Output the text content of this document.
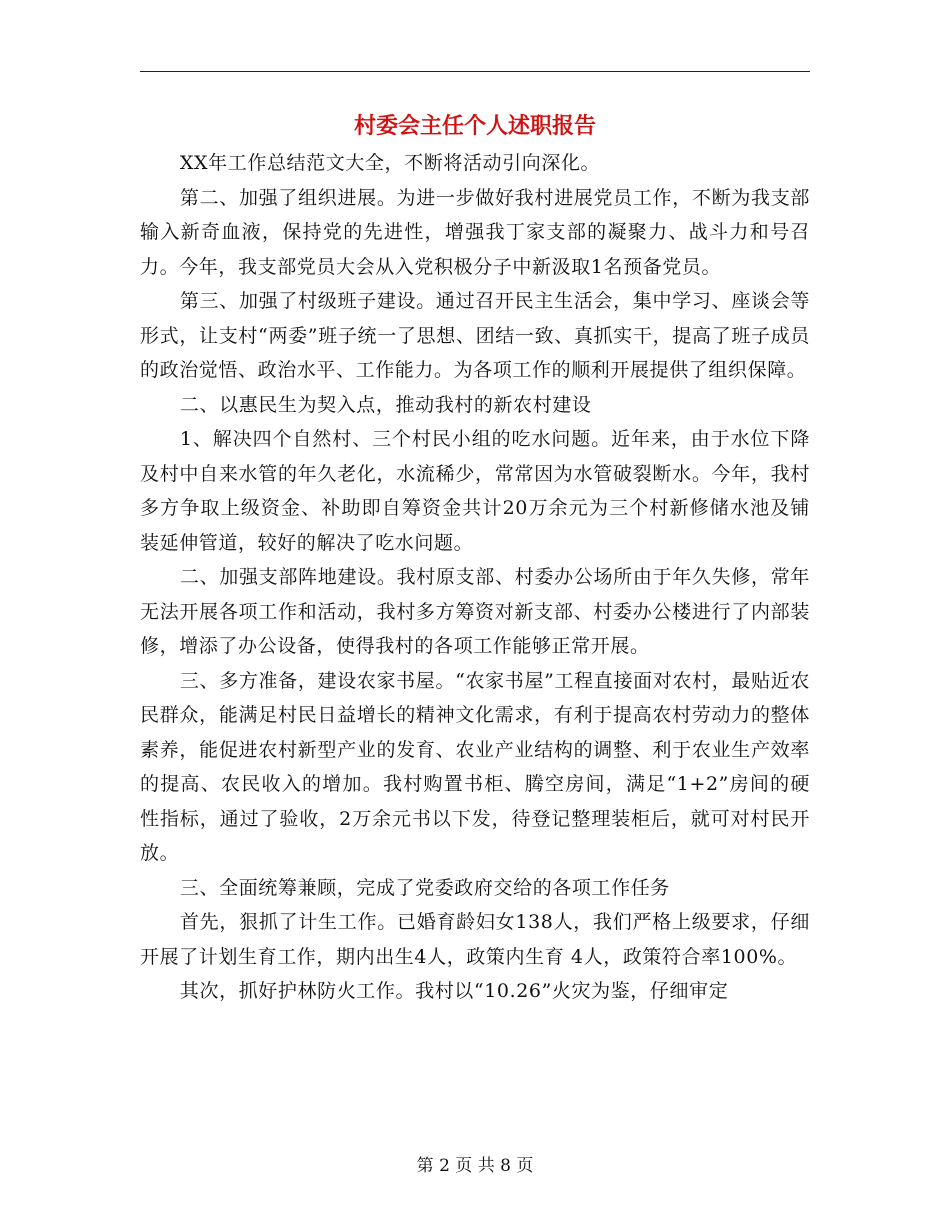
村委会主任个人述职报告

XX年工作总结范文大全，不断将活动引向深化。

第二、加强了组织进展。为进一步做好我村进展党员工作，不断为我支部输入新奇血液，保持党的先进性，增强我丁家支部的凝聚力、战斗力和号召力。今年，我支部党员大会从入党积极分子中新汲取1名预备党员。

第三、加强了村级班子建设。通过召开民主生活会，集中学习、座谈会等形式，让支村“两委”班子统一了思想、团结一致、真抓实干，提高了班子成员的政治觉悟、政治水平、工作能力。为各项工作的顺利开展提供了组织保障。

二、以惠民生为契入点，推动我村的新农村建设

1、解决四个自然村、三个村民小组的吃水问题。近年来，由于水位下降及村中自来水管的年久老化，水流稀少，常常因为水管破裂断水。今年，我村多方争取上级资金、补助即自筹资金共计20万余元为三个村新修储水池及铺装延伸管道，较好的解决了吃水问题。

二、加强支部阵地建设。我村原支部、村委办公场所由于年久失修，常年无法开展各项工作和活动，我村多方筹资对新支部、村委办公楼进行了内部装修，增添了办公设备，使得我村的各项工作能够正常开展。

三、多方准备，建设农家书屋。“农家书屋”工程直接面对农村，最贴近农民群众，能满足村民日益增长的精神文化需求，有利于提高农村劳动力的整体素养，能促进农村新型产业的发育、农业产业结构的调整、利于农业生产效率的提高、农民收入的增加。我村购置书柜、腾空房间，满足“1+2”房间的硬性指标，通过了验收，2万余元书以下发，待登记整理装柜后，就可对村民开放。

三、全面统筹兼顾，完成了党委政府交给的各项工作任务

首先，狠抓了计生工作。已婚育龄妇女138人，我们严格上级要求，仔细开展了计划生育工作，期内出生4人，政策内生育 4人，政策符合率100%。

其次，抓好护林防火工作。我村以“10.26”火灾为鉴，仔细审定

第 2 页 共 8 页
